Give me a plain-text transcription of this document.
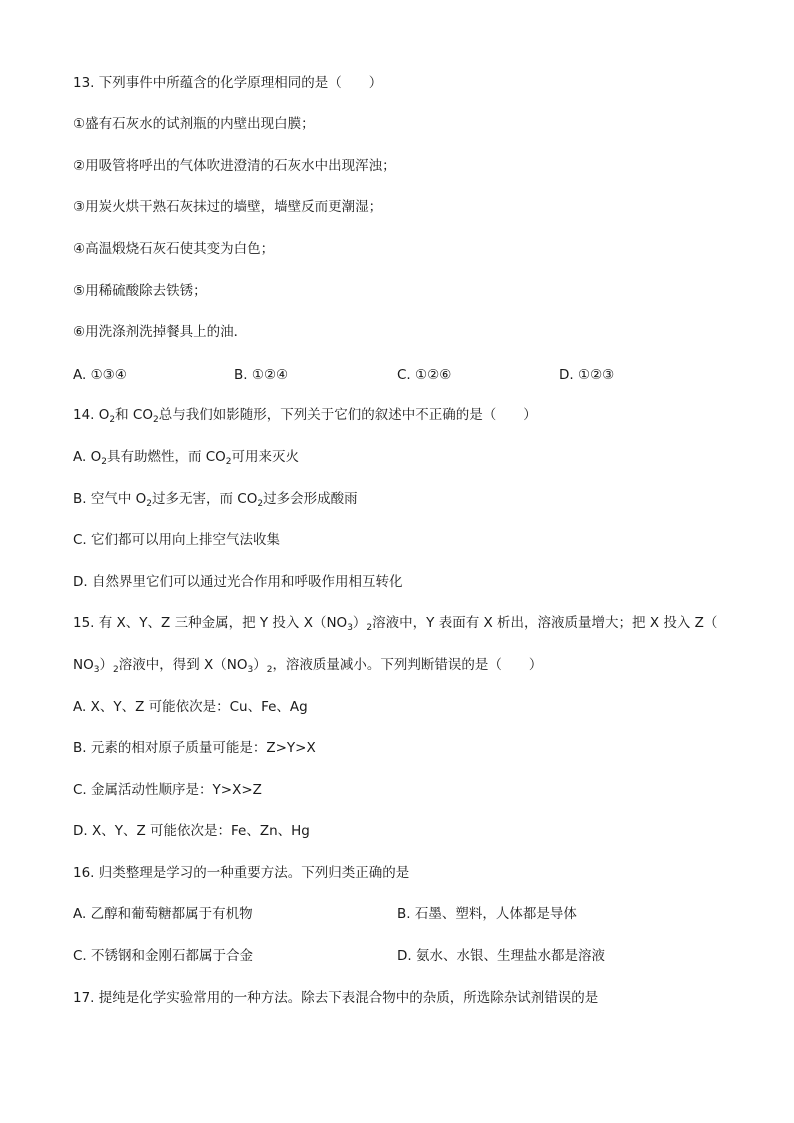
13. 下列事件中所蕴含的化学原理相同的是（　　）
①盛有石灰水的试剂瓶的内壁出现白膜；
②用吸管将呼出的气体吹进澄清的石灰水中出现浑浊；
③用炭火烘干熟石灰抹过的墙壁，墙壁反而更潮湿；
④高温煅烧石灰石使其变为白色；
⑤用稀硫酸除去铁锈；
⑥用洗涤剂洗掉餐具上的油．
A. ①③④	B. ①②④	C. ①②⑥	D. ①②③
14. $O_2$和 $CO_2$总与我们如影随形，下列关于它们的叙述中不正确的是（　　）
A. $O_2$具有助燃性，而 $CO_2$可用来灭火
B. 空气中 $O_2$过多无害，而 $CO_2$过多会形成酸雨
C. 它们都可以用向上排空气法收集
D. 自然界里它们可以通过光合作用和呼吸作用相互转化
15. 有 X、Y、Z 三种金属，把 Y 投入 $X(NO_3)_2$溶液中，Y 表面有 X 析出，溶液质量增大；把 X 投入 Z（
$NO_3)_2$溶液中，得到 $X(NO_3)_2$，溶液质量减小。下列判断错误的是（　　）
A. X、Y、Z 可能依次是：Cu、Fe、Ag
B. 元素的相对原子质量可能是：Z>Y>X
C. 金属活动性顺序是：Y>X>Z
D. X、Y、Z 可能依次是：Fe、Zn、Hg
16. 归类整理是学习的一种重要方法。下列归类正确的是
A. 乙醇和葡萄糖都属于有机物	B. 石墨、塑料，人体都是导体
C. 不锈钢和金刚石都属于合金	D. 氨水、水银、生理盐水都是溶液
17. 提纯是化学实验常用的一种方法。除去下表混合物中的杂质，所选除杂试剂错误的是
